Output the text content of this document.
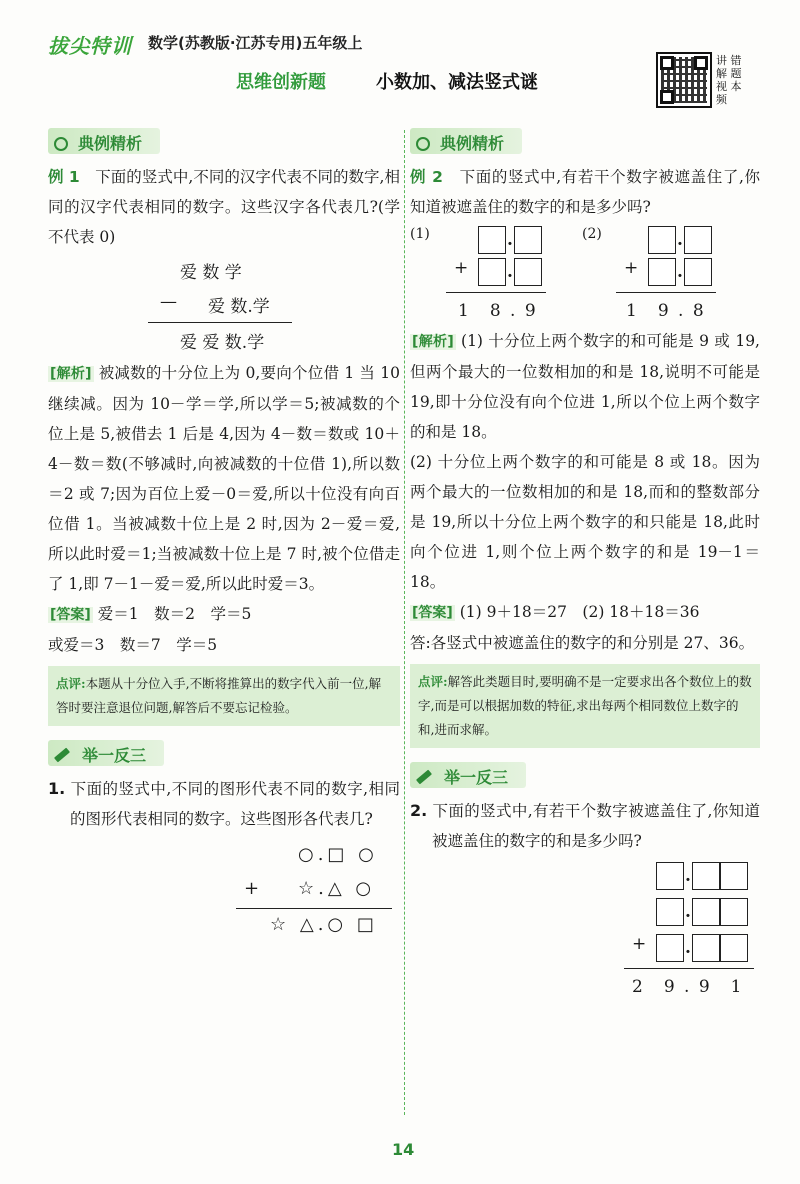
拔尖特训 数学(苏教版·江苏专用)五年级上
思维创新题	小数加、减法竖式谜
讲 错
解 题
视 本
频
典例精析

例 1　 下面的竖式中,不同的汉字代表不同的数字,相同的汉字代表相同的数字。这些汉字各代表几?(学不代表 0)

爱 数 学
— 爱 数.学
爱 爱 数.学

[解析] 被减数的十分位上为 0,要向个位借 1 当 10 继续减。因为 10－学＝学,所以学＝5;被减数的个位上是 5,被借去 1 后是 4,因为 4－数＝数或 10＋4－数＝数(不够减时,向被减数的十位借 1),所以数＝2 或 7;因为百位上爱－0＝爱,所以十位没有向百位借 1。当被减数十位上是 2 时,因为 2－爱＝爱,所以此时爱＝1;当被减数十位上是 7 时,被个位借走了 1,即 7－1－爱＝爱,所以此时爱＝3。

[答案] 爱＝1　数＝2　学＝5

或爱＝3　数＝7　学＝5

点评:本题从十分位入手,不断将推算出的数字代入前一位,解答时要注意退位问题,解答后不要忘记检验。
举一反三

1. 下面的竖式中,不同的图形代表不同的数字,相同的图形代表相同的数字。这些图形各代表几?

○.□ ○
+ ☆.△ ○
☆ △.○ □
典例精析

例 2　 下面的竖式中,有若干个数字被遮盖住了,你知道被遮盖住的数字的和是多少吗?

(1)	.
+	.
1　8 . 9
(2)	.
+	.
1　9 . 8

[解析] (1) 十分位上两个数字的和可能是 9 或 19,但两个最大的一位数相加的和是 18,说明不可能是 19,即十分位没有向个位进 1,所以个位上两个数字的和是 18。

(2) 十分位上两个数字的和可能是 8 或 18。因为两个最大的一位数相加的和是 18,而和的整数部分是 19,所以十分位上两个数字的和只能是 18,此时向个位进 1,则个位上两个数字的和是 19－1＝18。

[答案] (1) 9＋18＝27　(2) 18＋18＝36

答:各竖式中被遮盖住的数字的和分别是 27、36。

点评:解答此类题目时,要明确不是一定要求出各个数位上的数字,而是可以根据加数的特征,求出每两个相同数位上数字的和,进而求解。
举一反三

2. 下面的竖式中,有若干个数字被遮盖住了,你知道被遮盖住的数字的和是多少吗?

.
.
+	.
2　9 . 9　1
14
